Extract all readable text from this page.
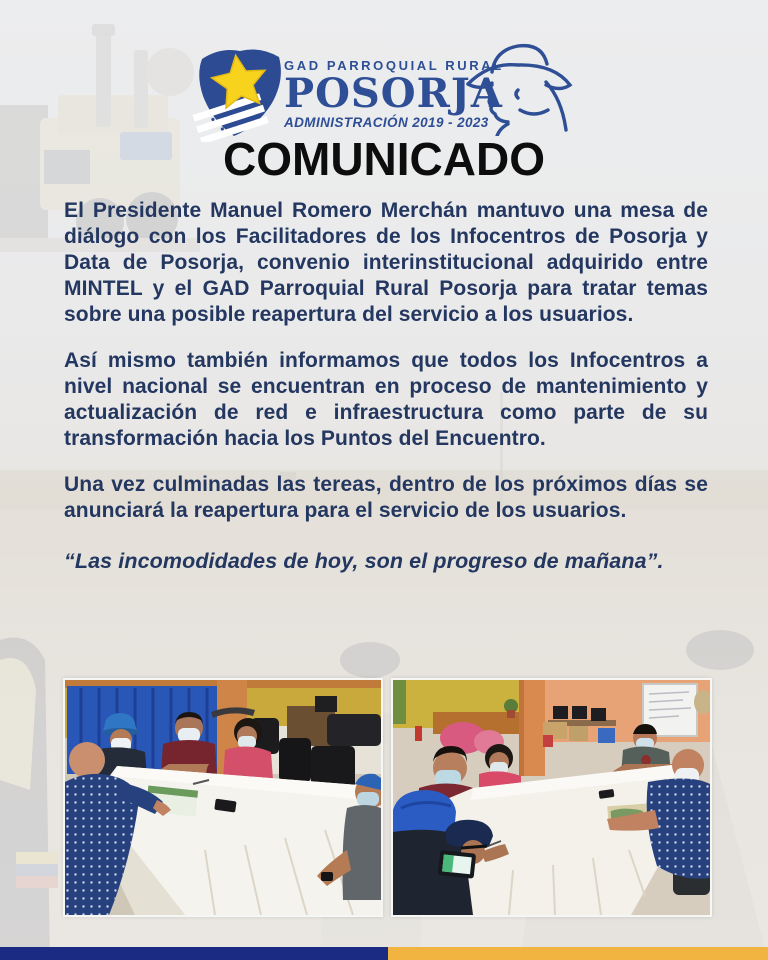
GAD PARROQUIAL RURAL
POSORJA
ADMINISTRACIÓN 2019 - 2023
COMUNICADO

El Presidente Manuel Romero Merchán mantuvo una mesa de diálogo con los Facilitadores de los Infocentros de Posorja y Data de Posorja, convenio interinstitucional adquirido entre MINTEL y el GAD Parroquial Rural Posorja para tratar temas sobre una posible reapertura del servicio a los usuarios.

Así mismo también informamos que todos los Infocentros a nivel nacional se encuentran en proceso de mantenimiento y actualización de red e infraestructura como parte de su transformación hacia los Puntos del Encuentro.

Una vez culminadas las tereas, dentro de los próximos días se anunciará la reapertura para el servicio de los usuarios.

“Las incomodidades de hoy, son el progreso de mañana”.
